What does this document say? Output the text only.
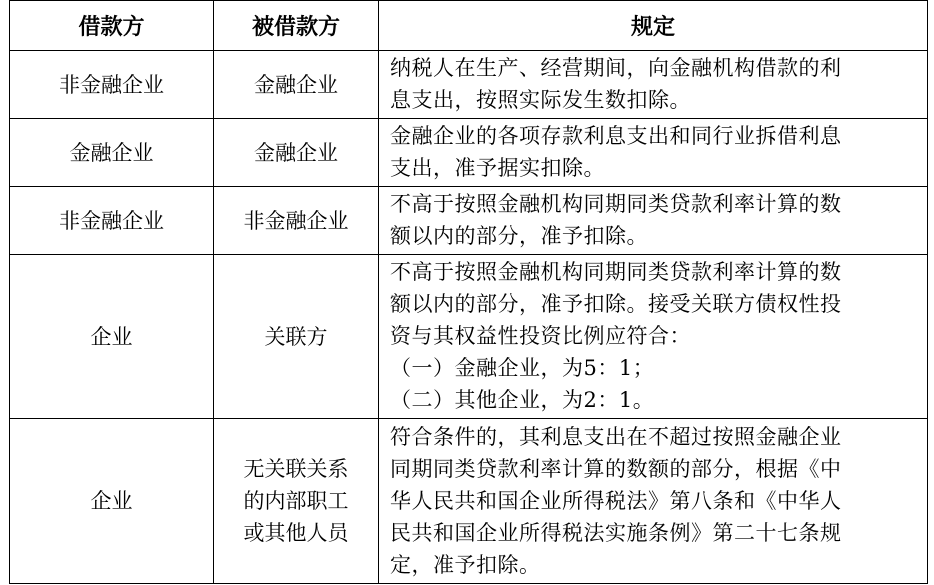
借款方	被借款方	规定
非金融企业	金融企业	纳税人在生产、经营期间，向金融机构借款的利
息支出，按照实际发生数扣除。

金融企业	金融企业	金融企业的各项存款利息支出和同行业拆借利息
支出，准予据实扣除。

非金融企业	非金融企业	不高于按照金融机构同期同类贷款利率计算的数
额以内的部分，准予扣除。

企业	关联方	不高于按照金融机构同期同类贷款利率计算的数
额以内的部分，准予扣除。接受关联方债权性投
资与其权益性投资比例应符合：
（一）金融企业，为5：1；
（二）其他企业，为2：1。

企业	无关联关系
的内部职工
或其他人员	符合条件的，其利息支出在不超过按照金融企业
同期同类贷款利率计算的数额的部分，根据《中
华人民共和国企业所得税法》第八条和《中华人
民共和国企业所得税法实施条例》第二十七条规
定，准予扣除。
